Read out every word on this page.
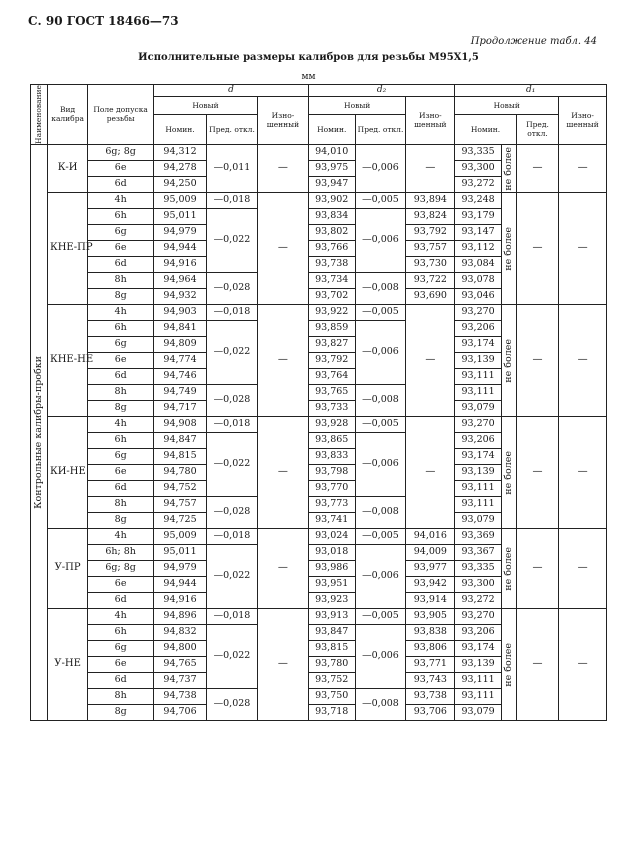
С. 90 ГОСТ 18466—73
Продолжение табл. 44
Исполнительные размеры калибров для резьбы М95Х1,5
мм
Наименование	Вид калибра	Поле допуска резьбы	d			d₂			d₁			
			Новый		Изно-шенный	Новый		Изно-шенный	Новый			Изно-шенный
			Номин.	Пред. откл.		Номин.	Пред. откл.		Номин.		Пред. откл.	

Контрольные калибры-пробки	К-И	6g; 8g	94,312	—0,011	—	94,010	—0,006	—	93,335	не более	—	—
		6e	94,278			93,975			93,300			
		6d	94,250			93,947			93,272			
	КНЕ-ПР	4h	95,009	—0,018	—	93,902	—0,005	93,894	93,248	не более	—	—
		6h	95,011	—0,022		93,834	—0,006	93,824	93,179			
		6g	94,979			93,802		93,792	93,147			
		6e	94,944			93,766		93,757	93,112			
		6d	94,916			93,738		93,730	93,084			
		8h	94,964	—0,028		93,734	—0,008	93,722	93,078			
		8g	94,932			93,702		93,690	93,046			
	КНЕ-НЕ	4h	94,903	—0,018	—	93,922	—0,005	—	93,270	не более	—	—
		6h	94,841	—0,022		93,859	—0,006		93,206			
		6g	94,809			93,827			93,174			
		6e	94,774			93,792			93,139			
		6d	94,746			93,764			93,111			
		8h	94,749	—0,028		93,765	—0,008		93,111			
		8g	94,717			93,733			93,079			
	КИ-НЕ	4h	94,908	—0,018	—	93,928	—0,005	—	93,270	не более	—	—
		6h	94,847	—0,022		93,865	—0,006		93,206			
		6g	94,815			93,833			93,174			
		6e	94,780			93,798			93,139			
		6d	94,752			93,770			93,111			
		8h	94,757	—0,028		93,773	—0,008		93,111			
		8g	94,725			93,741			93,079			
	У-ПР	4h	95,009	—0,018	—	93,024	—0,005	94,016	93,369	не более	—	—
		6h; 8h	95,011	—0,022		93,018	—0,006	94,009	93,367			
		6g; 8g	94,979			93,986		93,977	93,335			
		6e	94,944			93,951		93,942	93,300			
		6d	94,916			93,923		93,914	93,272			
	У-НЕ	4h	94,896	—0,018	—	93,913	—0,005	93,905	93,270	не более	—	—
		6h	94,832	—0,022		93,847	—0,006	93,838	93,206			
		6g	94,800			93,815		93,806	93,174			
		6e	94,765			93,780		93,771	93,139			
		6d	94,737			93,752		93,743	93,111			
		8h	94,738	—0,028		93,750	—0,008	93,738	93,111			
		8g	94,706			93,718		93,706	93,079			
